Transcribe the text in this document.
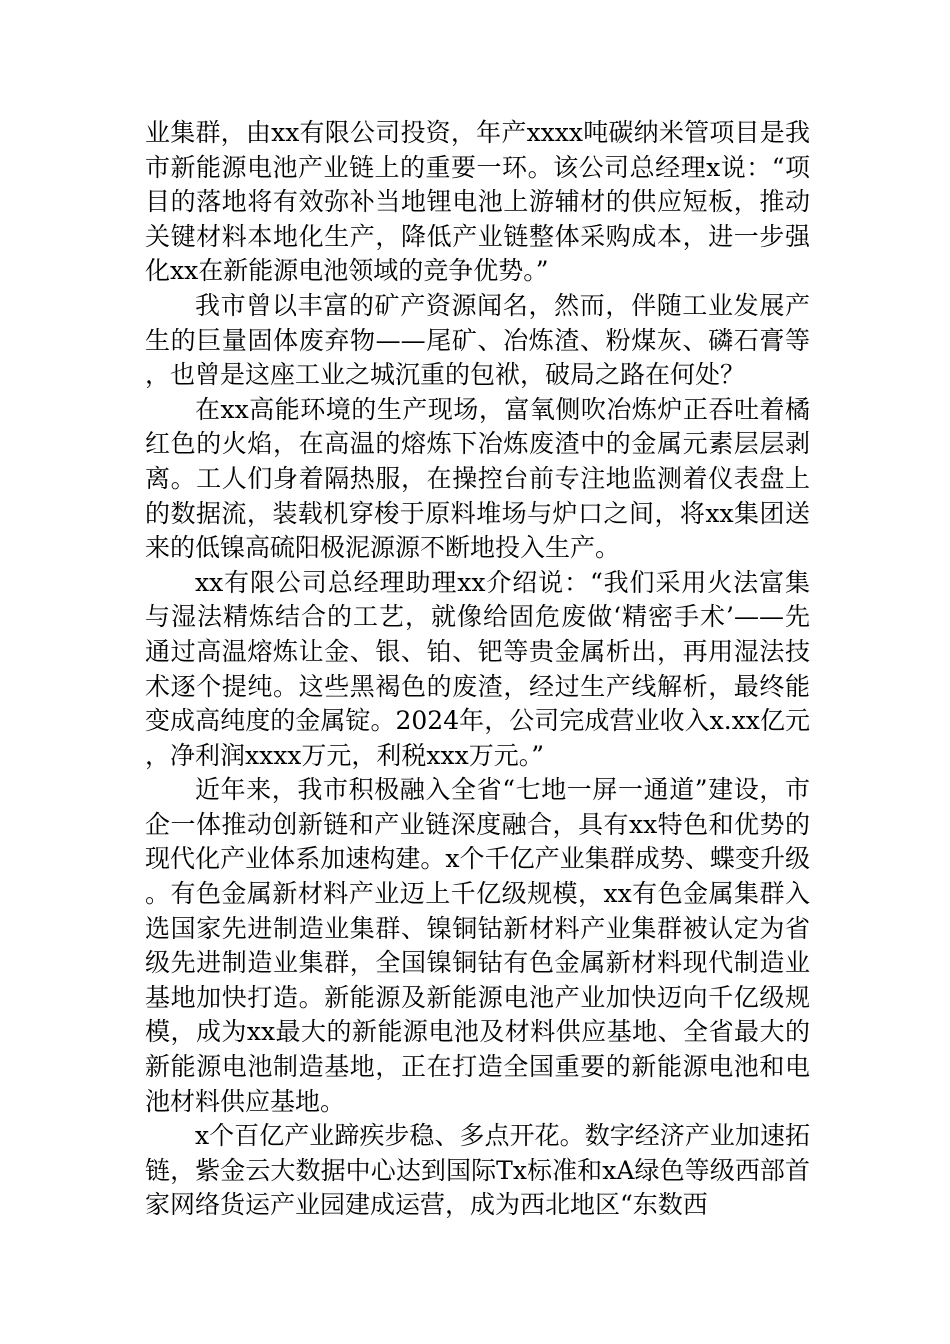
业集群，由xx有限公司投资，年产xxxx吨碳纳米管项目是我市新能源电池产业链上的重要一环。该公司总经理x说：“项目的落地将有效弥补当地锂电池上游辅材的供应短板，推动关键材料本地化生产，降低产业链整体采购成本，进一步强化xx在新能源电池领域的竞争优势。”

我市曾以丰富的矿产资源闻名，然而，伴随工业发展产生的巨量固体废弃物——尾矿、冶炼渣、粉煤灰、磷石膏等，也曾是这座工业之城沉重的包袱，破局之路在何处？

在xx高能环境的生产现场，富氧侧吹冶炼炉正吞吐着橘红色的火焰，在高温的熔炼下冶炼废渣中的金属元素层层剥离。工人们身着隔热服，在操控台前专注地监测着仪表盘上的数据流，装载机穿梭于原料堆场与炉口之间，将xx集团送来的低镍高硫阳极泥源源不断地投入生产。

xx有限公司总经理助理xx介绍说：“我们采用火法富集与湿法精炼结合的工艺，就像给固危废做‘精密手术’——先通过高温熔炼让金、银、铂、钯等贵金属析出，再用湿法技术逐个提纯。这些黑褐色的废渣，经过生产线解析，最终能变成高纯度的金属锭。2024年，公司完成营业收入x.xx亿元，净利润xxxx万元，利税xxx万元。”

近年来，我市积极融入全省“七地一屏一通道”建设，市企一体推动创新链和产业链深度融合，具有xx特色和优势的现代化产业体系加速构建。x个千亿产业集群成势、蝶变升级。有色金属新材料产业迈上千亿级规模，xx有色金属集群入选国家先进制造业集群、镍铜钴新材料产业集群被认定为省级先进制造业集群，全国镍铜钴有色金属新材料现代制造业基地加快打造。新能源及新能源电池产业加快迈向千亿级规模，成为xx最大的新能源电池及材料供应基地、全省最大的新能源电池制造基地，正在打造全国重要的新能源电池和电池材料供应基地。

x个百亿产业蹄疾步稳、多点开花。数字经济产业加速拓链，紫金云大数据中心达到国际Tx标准和xA绿色等级西部首家网络货运产业园建成运营，成为西北地区“东数西
